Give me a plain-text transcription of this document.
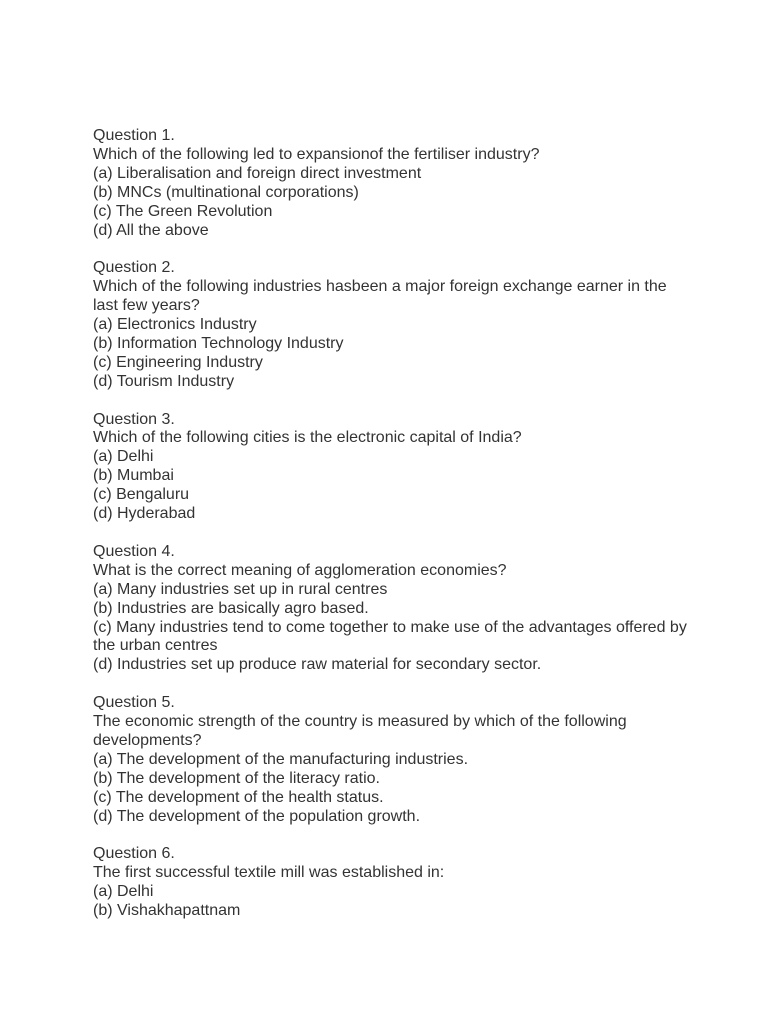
Question 1.
Which of the following led to expansionof the fertiliser industry?
(a) Liberalisation and foreign direct investment
(b) MNCs (multinational corporations)
(c) The Green Revolution
(d) All the above
Question 2.
Which of the following industries hasbeen a major foreign exchange earner in the last few years?
(a) Electronics Industry
(b) Information Technology Industry
(c) Engineering Industry
(d) Tourism Industry
Question 3.
Which of the following cities is the electronic capital of India?
(a) Delhi
(b) Mumbai
(c) Bengaluru
(d) Hyderabad
Question 4.
What is the correct meaning of agglomeration economies?
(a) Many industries set up in rural centres
(b) Industries are basically agro based.
(c) Many industries tend to come together to make use of the advantages offered by the urban centres
(d) Industries set up produce raw material for secondary sector.
Question 5.
The economic strength of the country is measured by which of the following developments?
(a) The development of the manufacturing industries.
(b) The development of the literacy ratio.
(c) The development of the health status.
(d) The development of the population growth.
Question 6.
The first successful textile mill was established in:
(a) Delhi
(b) Vishakhapattnam
